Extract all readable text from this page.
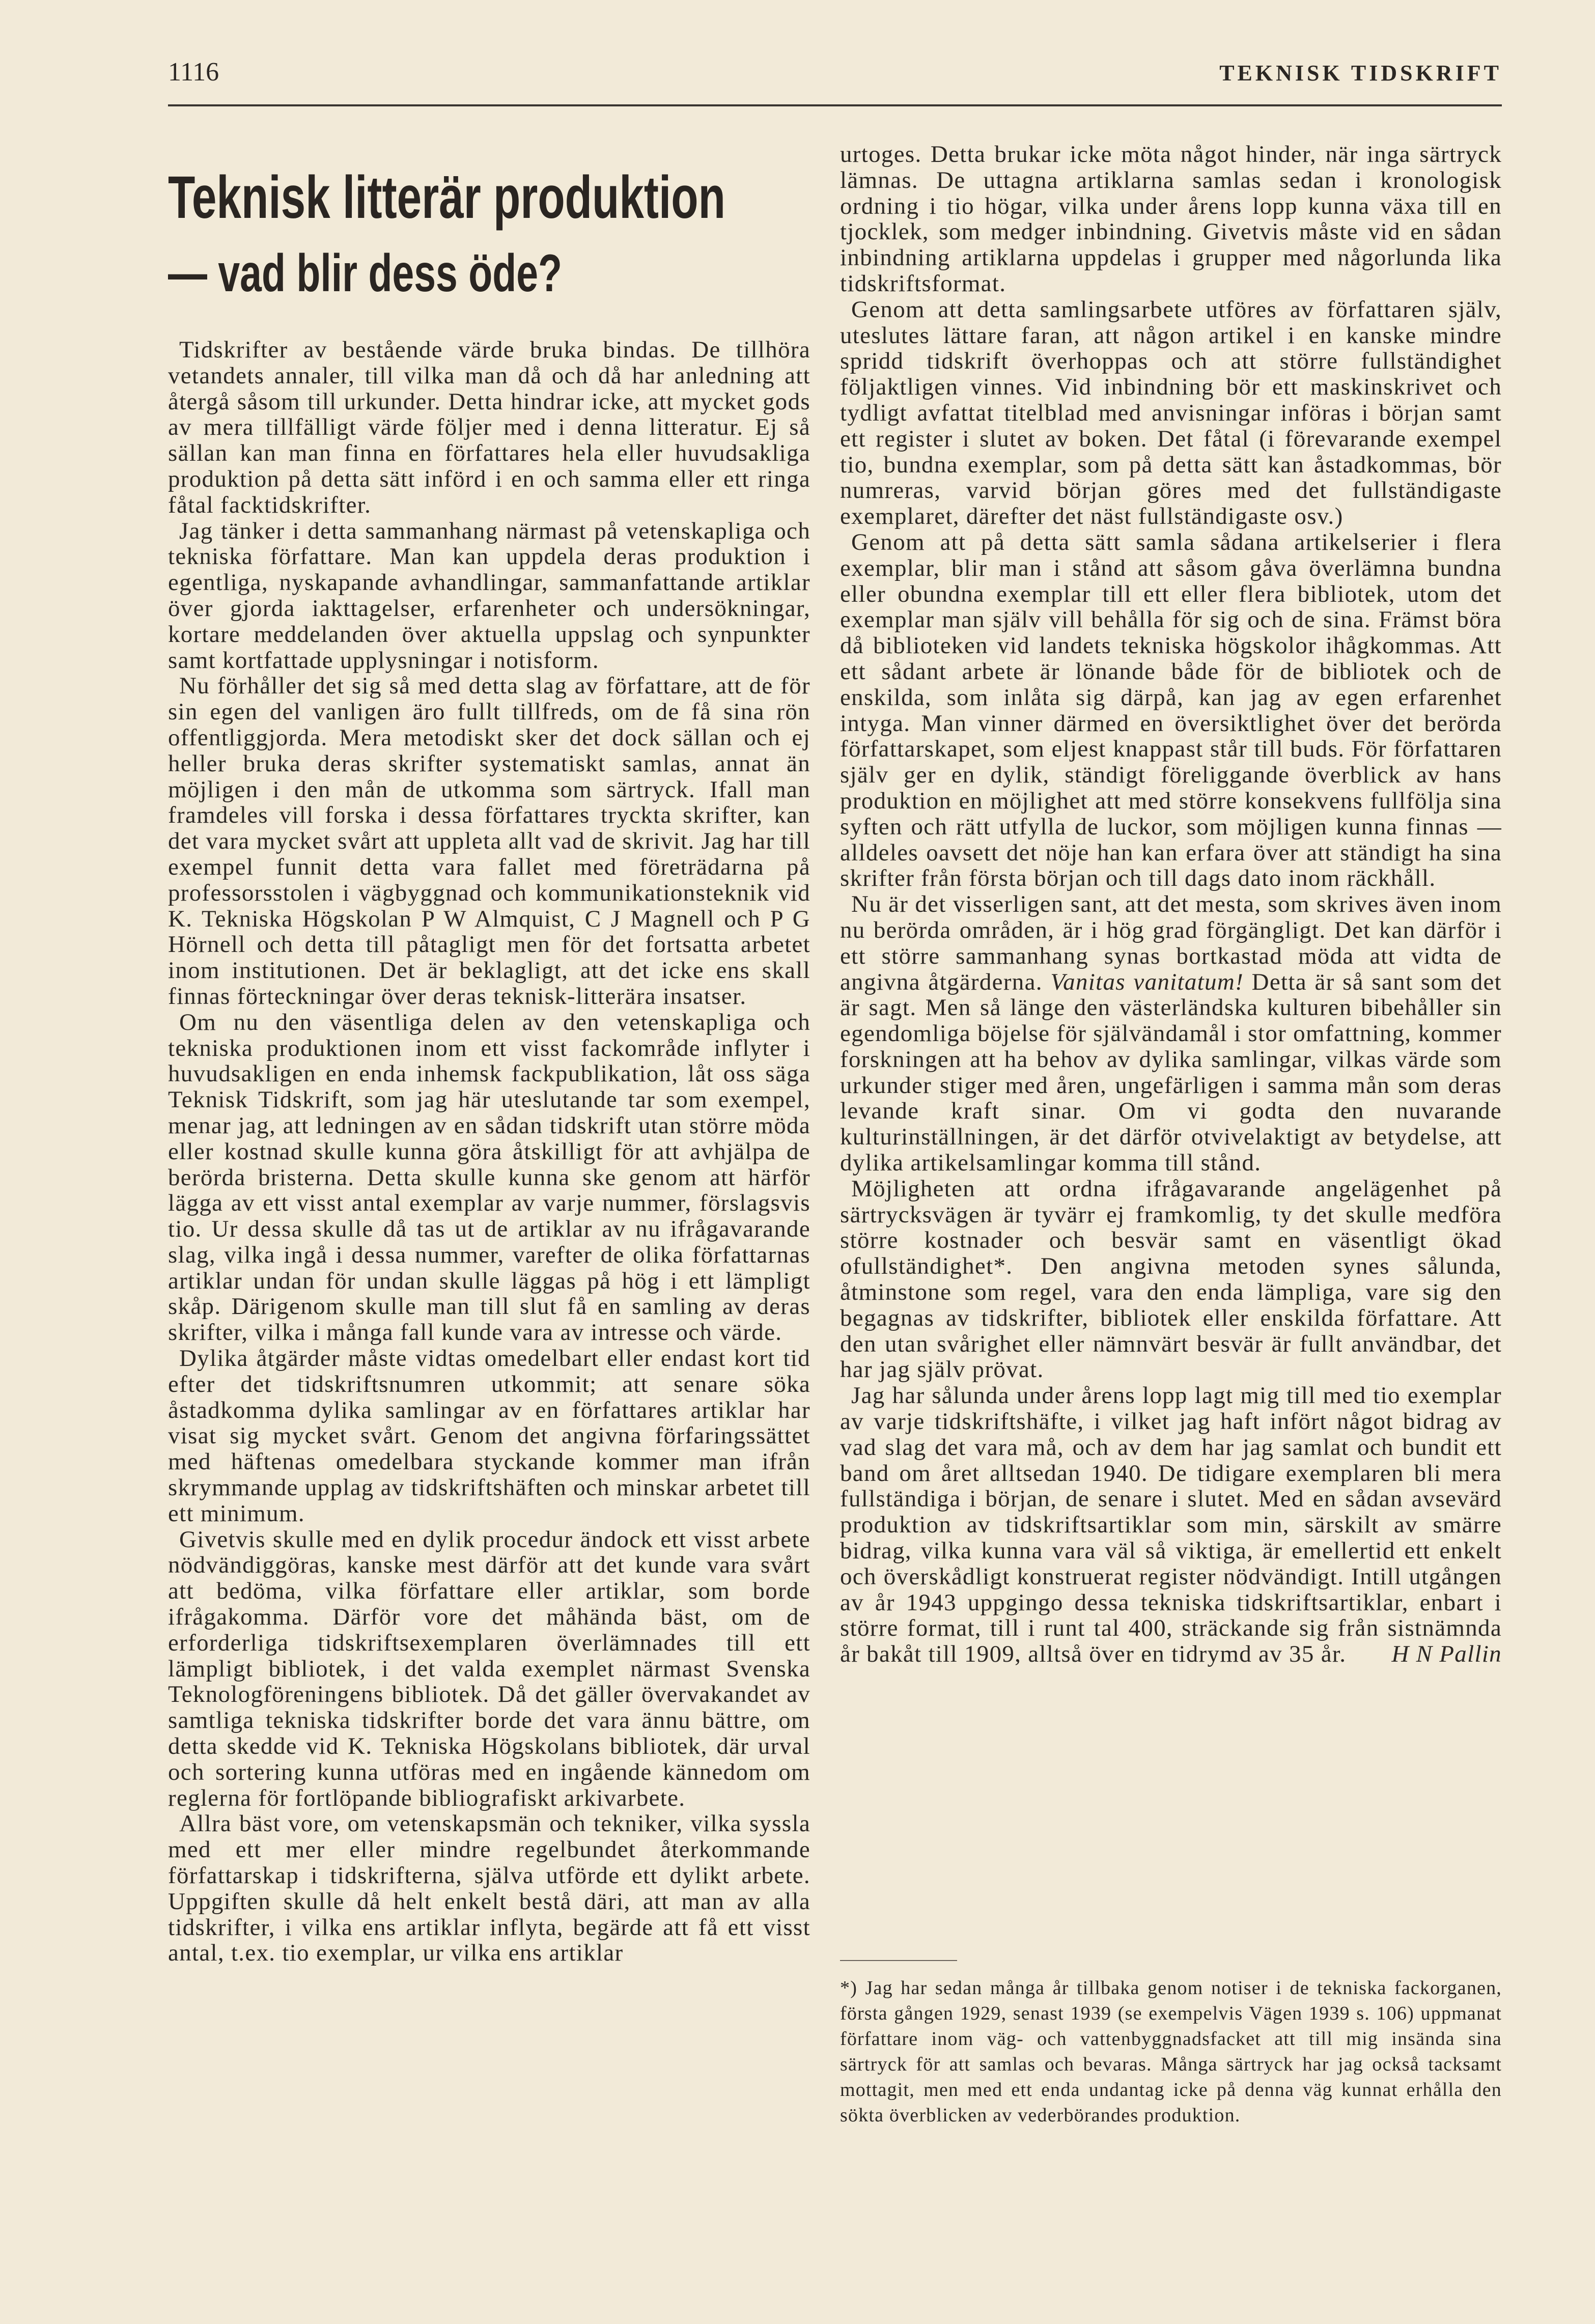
1116	TEKNISK TIDSKRIFT
Teknisk litterär produktion
— vad blir dess öde?

Tidskrifter av bestående värde bruka bindas. De tillhöra vetandets annaler, till vilka man då och då har anledning att återgå såsom till urkunder. Detta hindrar icke, att mycket gods av mera tillfälligt värde följer med i denna litteratur. Ej så sällan kan man finna en författares hela eller huvudsakliga produktion på detta sätt införd i en och samma eller ett ringa fåtal facktidskrifter.

Jag tänker i detta sammanhang närmast på vetenskapliga och tekniska författare. Man kan uppdela deras produktion i egentliga, nyskapande avhandlingar, sammanfattande artiklar över gjorda iakttagelser, erfarenheter och undersökningar, kortare meddelanden över aktuella uppslag och synpunkter samt kortfattade upplysningar i notisform.

Nu förhåller det sig så med detta slag av författare, att de för sin egen del vanligen äro fullt tillfreds, om de få sina rön offentliggjorda. Mera metodiskt sker det dock sällan och ej heller bruka deras skrifter systematiskt samlas, annat än möjligen i den mån de utkomma som särtryck. Ifall man framdeles vill forska i dessa författares tryckta skrifter, kan det vara mycket svårt att uppleta allt vad de skrivit. Jag har till exempel funnit detta vara fallet med företrädarna på professorsstolen i vägbyggnad och kommunikationsteknik vid K. Tekniska Högskolan P W Almquist, C J Magnell och P G Hörnell och detta till påtagligt men för det fortsatta arbetet inom institutionen. Det är beklagligt, att det icke ens skall finnas förteckningar över deras teknisk-litterära insatser.

Om nu den väsentliga delen av den vetenskapliga och tekniska produktionen inom ett visst fackområde inflyter i huvudsakligen en enda inhemsk fackpublikation, låt oss säga Teknisk Tidskrift, som jag här uteslutande tar som exempel, menar jag, att ledningen av en sådan tidskrift utan större möda eller kostnad skulle kunna göra åtskilligt för att avhjälpa de berörda bristerna. Detta skulle kunna ske genom att härför lägga av ett visst antal exemplar av varje nummer, förslagsvis tio. Ur dessa skulle då tas ut de artiklar av nu ifrågavarande slag, vilka ingå i dessa nummer, varefter de olika författarnas artiklar undan för undan skulle läggas på hög i ett lämpligt skåp. Därigenom skulle man till slut få en samling av deras skrifter, vilka i många fall kunde vara av intresse och värde.

Dylika åtgärder måste vidtas omedelbart eller endast kort tid efter det tidskriftsnumren utkommit; att senare söka åstadkomma dylika samlingar av en författares artiklar har visat sig mycket svårt. Genom det angivna förfaringssättet med häftenas omedelbara styckande kommer man ifrån skrymmande upplag av tidskriftshäften och minskar arbetet till ett minimum.

Givetvis skulle med en dylik procedur ändock ett visst arbete nödvändiggöras, kanske mest därför att det kunde vara svårt att bedöma, vilka författare eller artiklar, som borde ifrågakomma. Därför vore det måhända bäst, om de erforderliga tidskriftsexemplaren överlämnades till ett lämpligt bibliotek, i det valda exemplet närmast Svenska Teknologföreningens bibliotek. Då det gäller övervakandet av samtliga tekniska tidskrifter borde det vara ännu bättre, om detta skedde vid K. Tekniska Högskolans bibliotek, där urval och sortering kunna utföras med en ingående kännedom om reglerna för fortlöpande bibliografiskt arkivarbete.

Allra bäst vore, om vetenskapsmän och tekniker, vilka syssla med ett mer eller mindre regelbundet återkommande författarskap i tidskrifterna, själva utförde ett dylikt arbete. Uppgiften skulle då helt enkelt bestå däri, att man av alla tidskrifter, i vilka ens artiklar inflyta, begärde att få ett visst antal, t.ex. tio exemplar, ur vilka ens artiklar

urtoges. Detta brukar icke möta något hinder, när inga särtryck lämnas. De uttagna artiklarna samlas sedan i kronologisk ordning i tio högar, vilka under årens lopp kunna växa till en tjocklek, som medger inbindning. Givetvis måste vid en sådan inbindning artiklarna uppdelas i grupper med någorlunda lika tidskriftsformat.

Genom att detta samlingsarbete utföres av författaren själv, uteslutes lättare faran, att någon artikel i en kanske mindre spridd tidskrift överhoppas och att större fullständighet följaktligen vinnes. Vid inbindning bör ett maskinskrivet och tydligt avfattat titelblad med anvisningar införas i början samt ett register i slutet av boken. Det fåtal (i förevarande exempel tio, bundna exemplar, som på detta sätt kan åstadkommas, bör numreras, varvid början göres med det fullständigaste exemplaret, därefter det näst fullständigaste osv.)

Genom att på detta sätt samla sådana artikelserier i flera exemplar, blir man i stånd att såsom gåva överlämna bundna eller obundna exemplar till ett eller flera bibliotek, utom det exemplar man själv vill behålla för sig och de sina. Främst böra då biblioteken vid landets tekniska högskolor ihågkommas. Att ett sådant arbete är lönande både för de bibliotek och de enskilda, som inlåta sig därpå, kan jag av egen erfarenhet intyga. Man vinner därmed en översiktlighet över det berörda författarskapet, som eljest knappast står till buds. För författaren själv ger en dylik, ständigt föreliggande överblick av hans produktion en möjlighet att med större konsekvens fullfölja sina syften och rätt utfylla de luckor, som möjligen kunna finnas — alldeles oavsett det nöje han kan erfara över att ständigt ha sina skrifter från första början och till dags dato inom räckhåll.

Nu är det visserligen sant, att det mesta, som skrives även inom nu berörda områden, är i hög grad förgängligt. Det kan därför i ett större sammanhang synas bortkastad möda att vidta de angivna åtgärderna. Vanitas vanitatum! Detta är så sant som det är sagt. Men så länge den västerländska kulturen bibehåller sin egendomliga böjelse för självändamål i stor omfattning, kommer forskningen att ha behov av dylika samlingar, vilkas värde som urkunder stiger med åren, ungefärligen i samma mån som deras levande kraft sinar. Om vi godta den nuvarande kulturinställningen, är det därför otvivelaktigt av betydelse, att dylika artikelsamlingar komma till stånd.

Möjligheten att ordna ifrågavarande angelägenhet på särtrycksvägen är tyvärr ej framkomlig, ty det skulle medföra större kostnader och besvär samt en väsentligt ökad ofullständighet*. Den angivna metoden synes sålunda, åtminstone som regel, vara den enda lämpliga, vare sig den begagnas av tidskrifter, bibliotek eller enskilda författare. Att den utan svårighet eller nämnvärt besvär är fullt användbar, det har jag själv prövat.

Jag har sålunda under årens lopp lagt mig till med tio exemplar av varje tidskriftshäfte, i vilket jag haft infört något bidrag av vad slag det vara må, och av dem har jag samlat och bundit ett band om året alltsedan 1940. De tidigare exemplaren bli mera fullständiga i början, de senare i slutet. Med en sådan avsevärd produktion av tidskriftsartiklar som min, särskilt av smärre bidrag, vilka kunna vara väl så viktiga, är emellertid ett enkelt och överskådligt konstruerat register nödvändigt. Intill utgången av år 1943 uppgingo dessa tekniska tidskriftsartiklar, enbart i större format, till i runt tal 400, sträckande sig från sistnämnda år bakåt till 1909, alltså över en tidrymd av 35 år.	H N Pallin

*) Jag har sedan många år tillbaka genom notiser i de tekniska fackorganen, första gången 1929, senast 1939 (se exempelvis Vägen 1939 s. 106) uppmanat författare inom väg- och vattenbyggnadsfacket att till mig insända sina särtryck för att samlas och bevaras. Många särtryck har jag också tacksamt mottagit, men med ett enda undantag icke på denna väg kunnat erhålla den sökta överblicken av vederbörandes produktion.
